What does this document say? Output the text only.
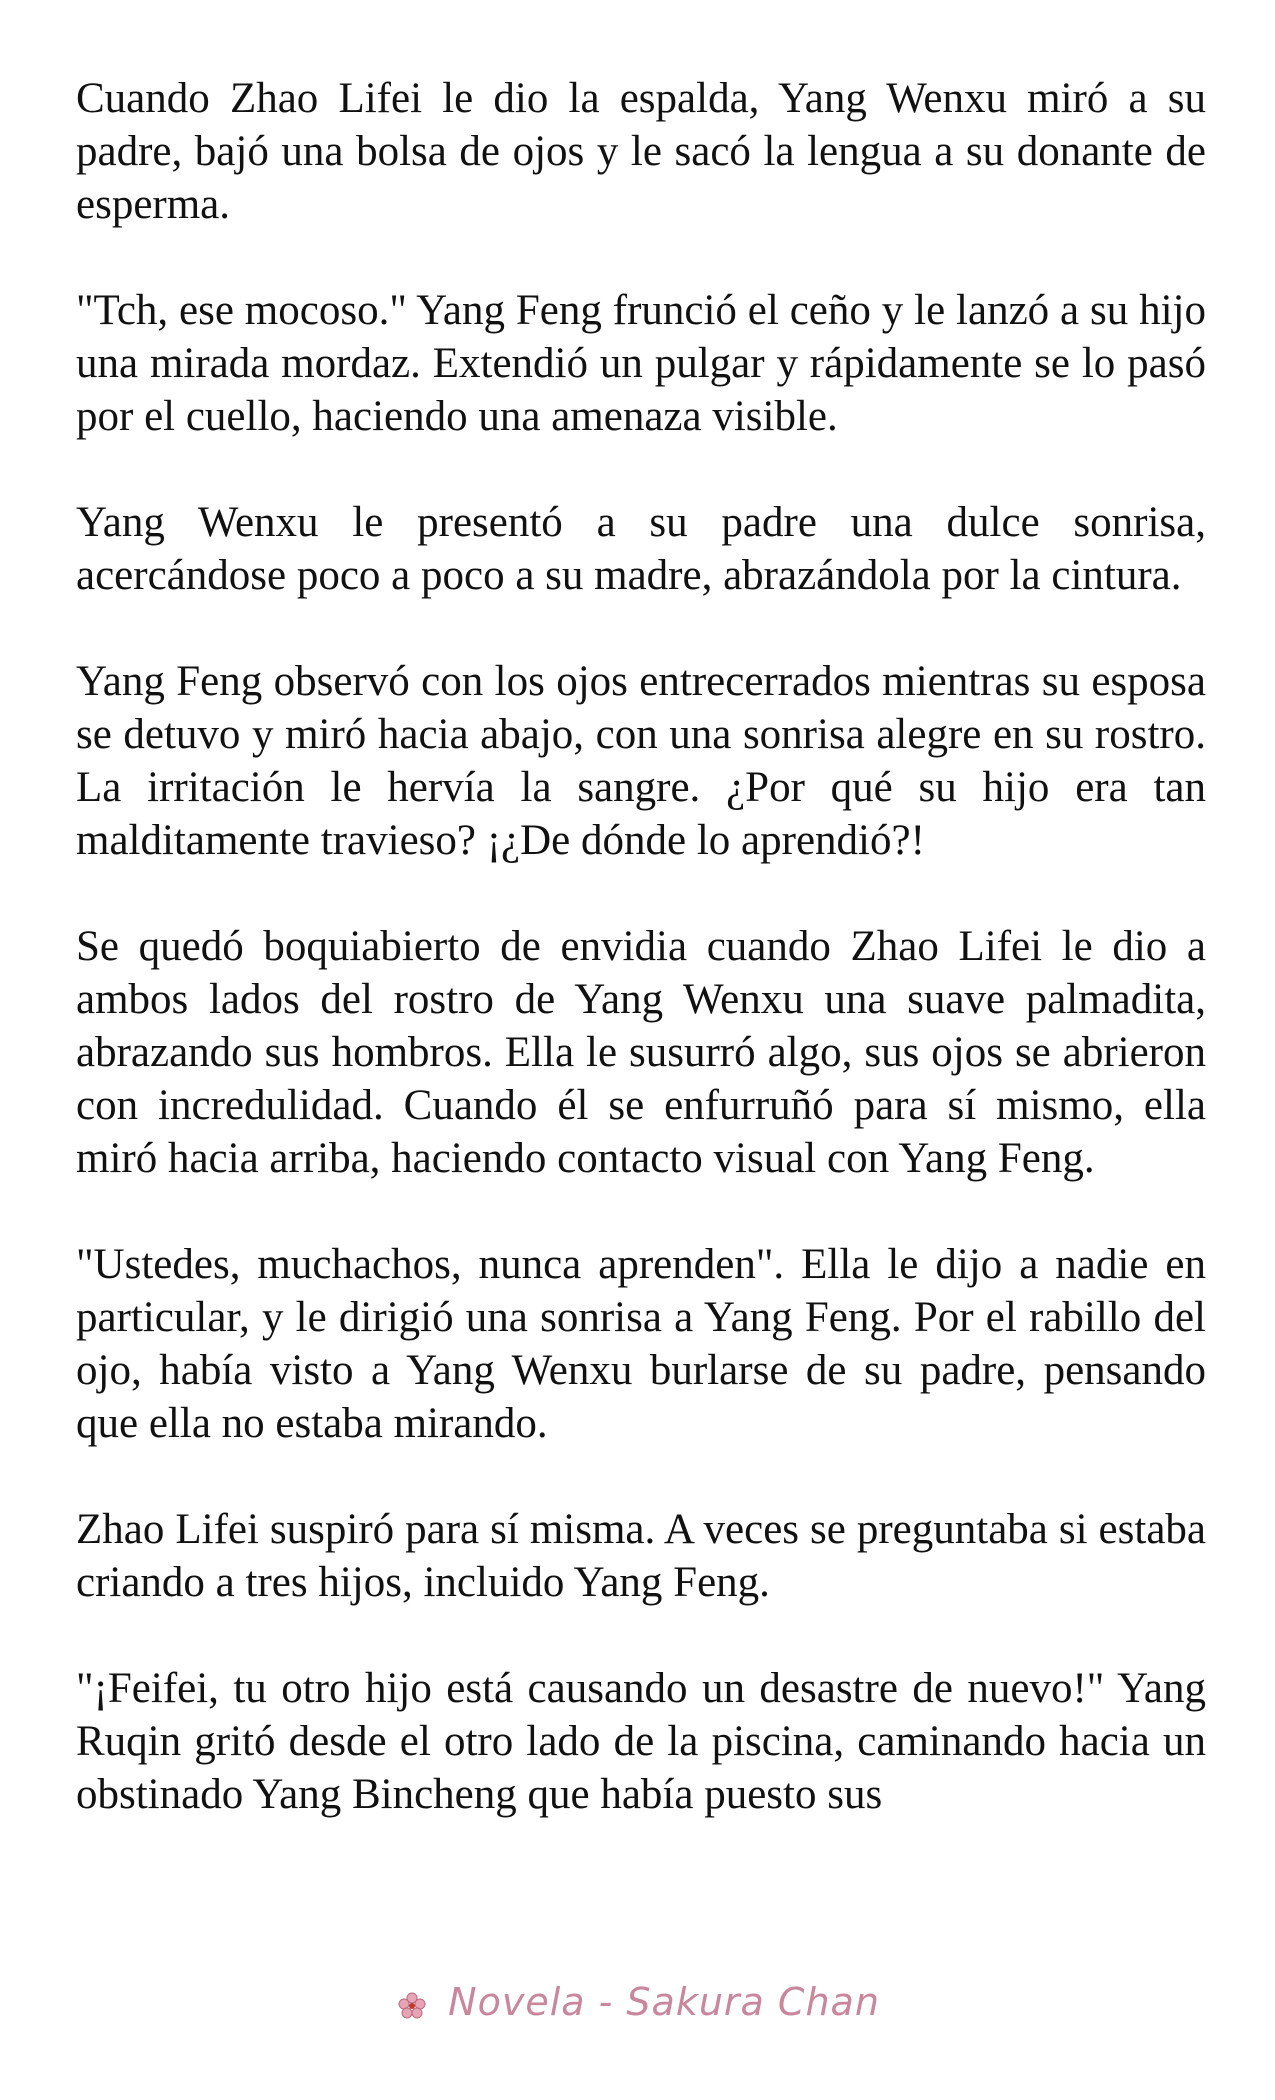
Cuando Zhao Lifei le dio la espalda, Yang Wenxu miró a su padre, bajó una bolsa de ojos y le sacó la lengua a su donante de esperma.

"Tch, ese mocoso." Yang Feng frunció el ceño y le lanzó a su hijo una mirada mordaz. Extendió un pulgar y rápidamente se lo pasó por el cuello, haciendo una amenaza visible.

Yang Wenxu le presentó a su padre una dulce sonrisa, acercándose poco a poco a su madre, abrazándola por la cintura.

Yang Feng observó con los ojos entrecerrados mientras su esposa se detuvo y miró hacia abajo, con una sonrisa alegre en su rostro. La irritación le hervía la sangre. ¿Por qué su hijo era tan malditamente travieso? ¡¿De dónde lo aprendió?!

Se quedó boquiabierto de envidia cuando Zhao Lifei le dio a ambos lados del rostro de Yang Wenxu una suave palmadita, abrazando sus hombros. Ella le susurró algo, sus ojos se abrieron con incredulidad. Cuando él se enfurruñó para sí mismo, ella miró hacia arriba, haciendo contacto visual con Yang Feng.

"Ustedes, muchachos, nunca aprenden". Ella le dijo a nadie en particular, y le dirigió una sonrisa a Yang Feng. Por el rabillo del ojo, había visto a Yang Wenxu burlarse de su padre, pensando que ella no estaba mirando.

Zhao Lifei suspiró para sí misma. A veces se preguntaba si estaba criando a tres hijos, incluido Yang Feng.

"¡Feifei, tu otro hijo está causando un desastre de nuevo!" Yang Ruqin gritó desde el otro lado de la piscina, caminando hacia un obstinado Yang Bincheng que había puesto sus

Novela - Sakura Chan
